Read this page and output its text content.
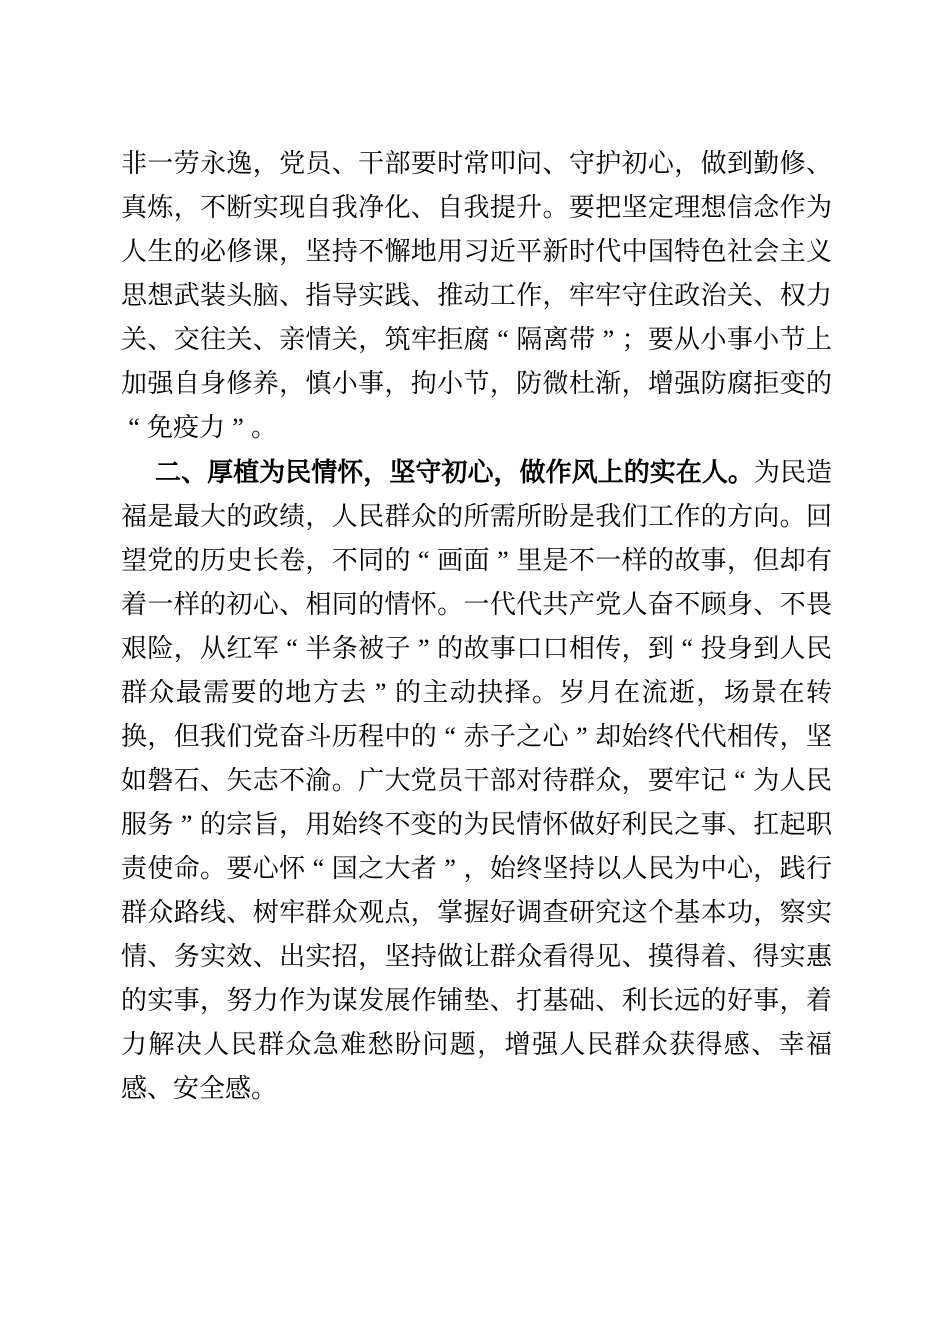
非一劳永逸，党员、干部要时常叩问、守护初心，做到勤修、真炼，不断实现自我净化、自我提升。要把坚定理想信念作为人生的必修课，坚持不懈地用习近平新时代中国特色社会主义思想武装头脑、指导实践、推动工作，牢牢守住政治关、权力关、交往关、亲情关，筑牢拒腐 “ 隔离带 ” ；要从小事小节上加强自身修养，慎小事，拘小节，防微杜渐，增强防腐拒变的“ 免疫力 ” 。

二、厚植为民情怀，坚守初心，做作风上的实在人。为民造福是最大的政绩，人民群众的所需所盼是我们工作的方向。回望党的历史长卷，不同的 “ 画面 ” 里是不一样的故事，但却有着一样的初心、相同的情怀。一代代共产党人奋不顾身、不畏艰险，从红军 “ 半条被子 ” 的故事口口相传，到 “ 投身到人民群众最需要的地方去 ” 的主动抉择。岁月在流逝，场景在转换，但我们党奋斗历程中的 “ 赤子之心 ” 却始终代代相传，坚如磐石、矢志不渝。广大党员干部对待群众，要牢记 “ 为人民服务 ” 的宗旨，用始终不变的为民情怀做好利民之事、扛起职责使命。要心怀 “ 国之大者 ” ，始终坚持以人民为中心，践行群众路线、树牢群众观点，掌握好调查研究这个基本功，察实情、务实效、出实招，坚持做让群众看得见、摸得着、得实惠的实事，努力作为谋发展作铺垫、打基础、利长远的好事，着力解决人民群众急难愁盼问题，增强人民群众获得感、幸福感、安全感。
